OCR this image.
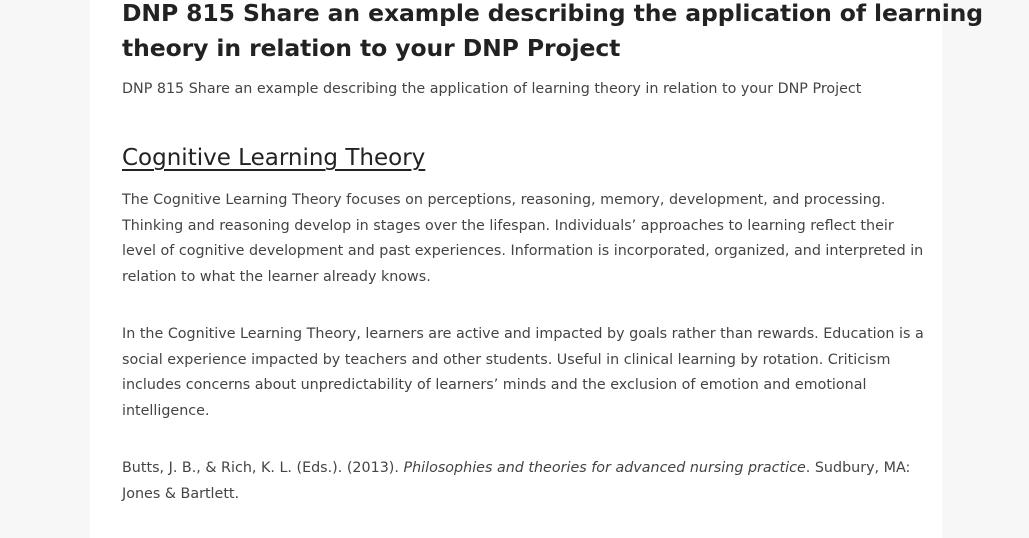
DNP 815 Share an example describing the application of learning
theory in relation to your DNP Project

DNP 815 Share an example describing the application of learning theory in relation to your DNP Project

Cognitive Learning Theory

The Cognitive Learning Theory focuses on perceptions, reasoning, memory, development, and processing.
Thinking and reasoning develop in stages over the lifespan. Individuals’ approaches to learning reflect their
level of cognitive development and past experiences. Information is incorporated, organized, and interpreted in
relation to what the learner already knows.

In the Cognitive Learning Theory, learners are active and impacted by goals rather than rewards. Education is a
social experience impacted by teachers and other students. Useful in clinical learning by rotation. Criticism
includes concerns about unpredictability of learners’ minds and the exclusion of emotion and emotional
intelligence.

Butts, J. B., & Rich, K. L. (Eds.). (2013). Philosophies and theories for advanced nursing practice. Sudbury, MA:
Jones & Bartlett.
